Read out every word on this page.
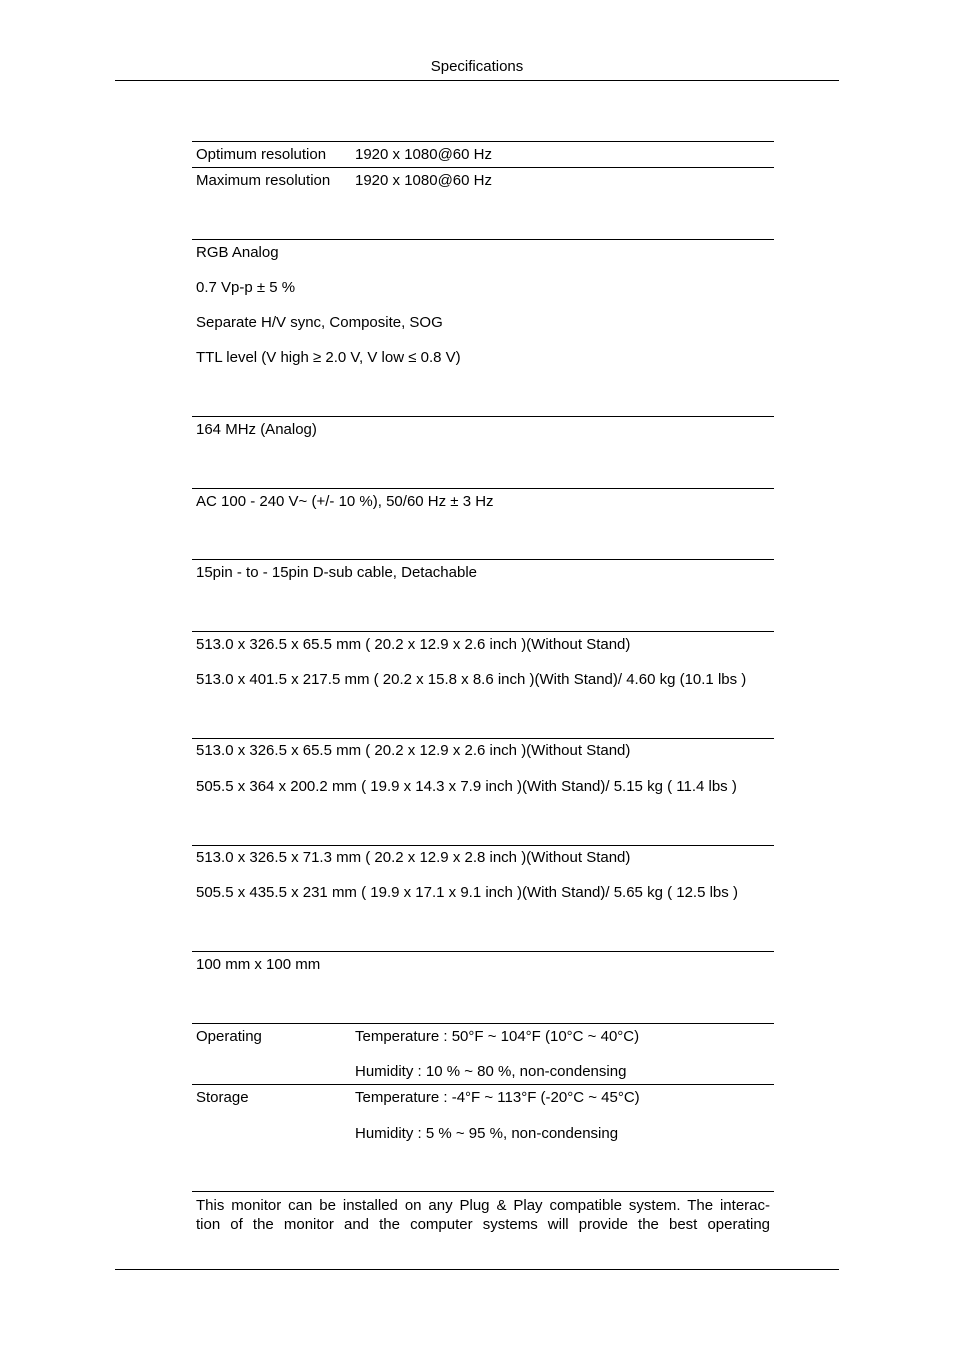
Specifications
Optimum resolution 1920 x 1080@60 Hz
Maximum resolution 1920 x 1080@60 Hz
RGB Analog
0.7 Vp-p ± 5 %
Separate H/V sync, Composite, SOG
TTL level (V high ≥ 2.0 V, V low ≤ 0.8 V)
164 MHz (Analog)
AC 100 - 240 V~ (+/- 10 %), 50/60 Hz ± 3 Hz
15pin - to - 15pin D-sub cable, Detachable
513.0 x 326.5 x 65.5 mm ( 20.2 x 12.9 x 2.6 inch )(Without Stand)
513.0 x 401.5 x 217.5 mm ( 20.2 x 15.8 x 8.6 inch )(With Stand)/ 4.60 kg (10.1 lbs )
513.0 x 326.5 x 65.5 mm ( 20.2 x 12.9 x 2.6 inch )(Without Stand)
505.5 x 364 x 200.2 mm ( 19.9 x 14.3 x 7.9 inch )(With Stand)/ 5.15 kg ( 11.4 lbs )
513.0 x 326.5 x 71.3 mm ( 20.2 x 12.9 x 2.8 inch )(Without Stand)
505.5 x 435.5 x 231 mm ( 19.9 x 17.1 x 9.1 inch )(With Stand)/ 5.65 kg ( 12.5 lbs )
100 mm x 100 mm
Operating	Temperature : 50°F ~ 104°F (10°C ~ 40°C)
Humidity : 10 % ~ 80 %, non-condensing
Storage	Temperature : -4°F ~ 113°F (-20°C ~ 45°C)
Humidity : 5 % ~ 95 %, non-condensing
This monitor can be installed on any Plug & Play compatible system. The interac-
tion of the monitor and the computer systems will provide the best operating
